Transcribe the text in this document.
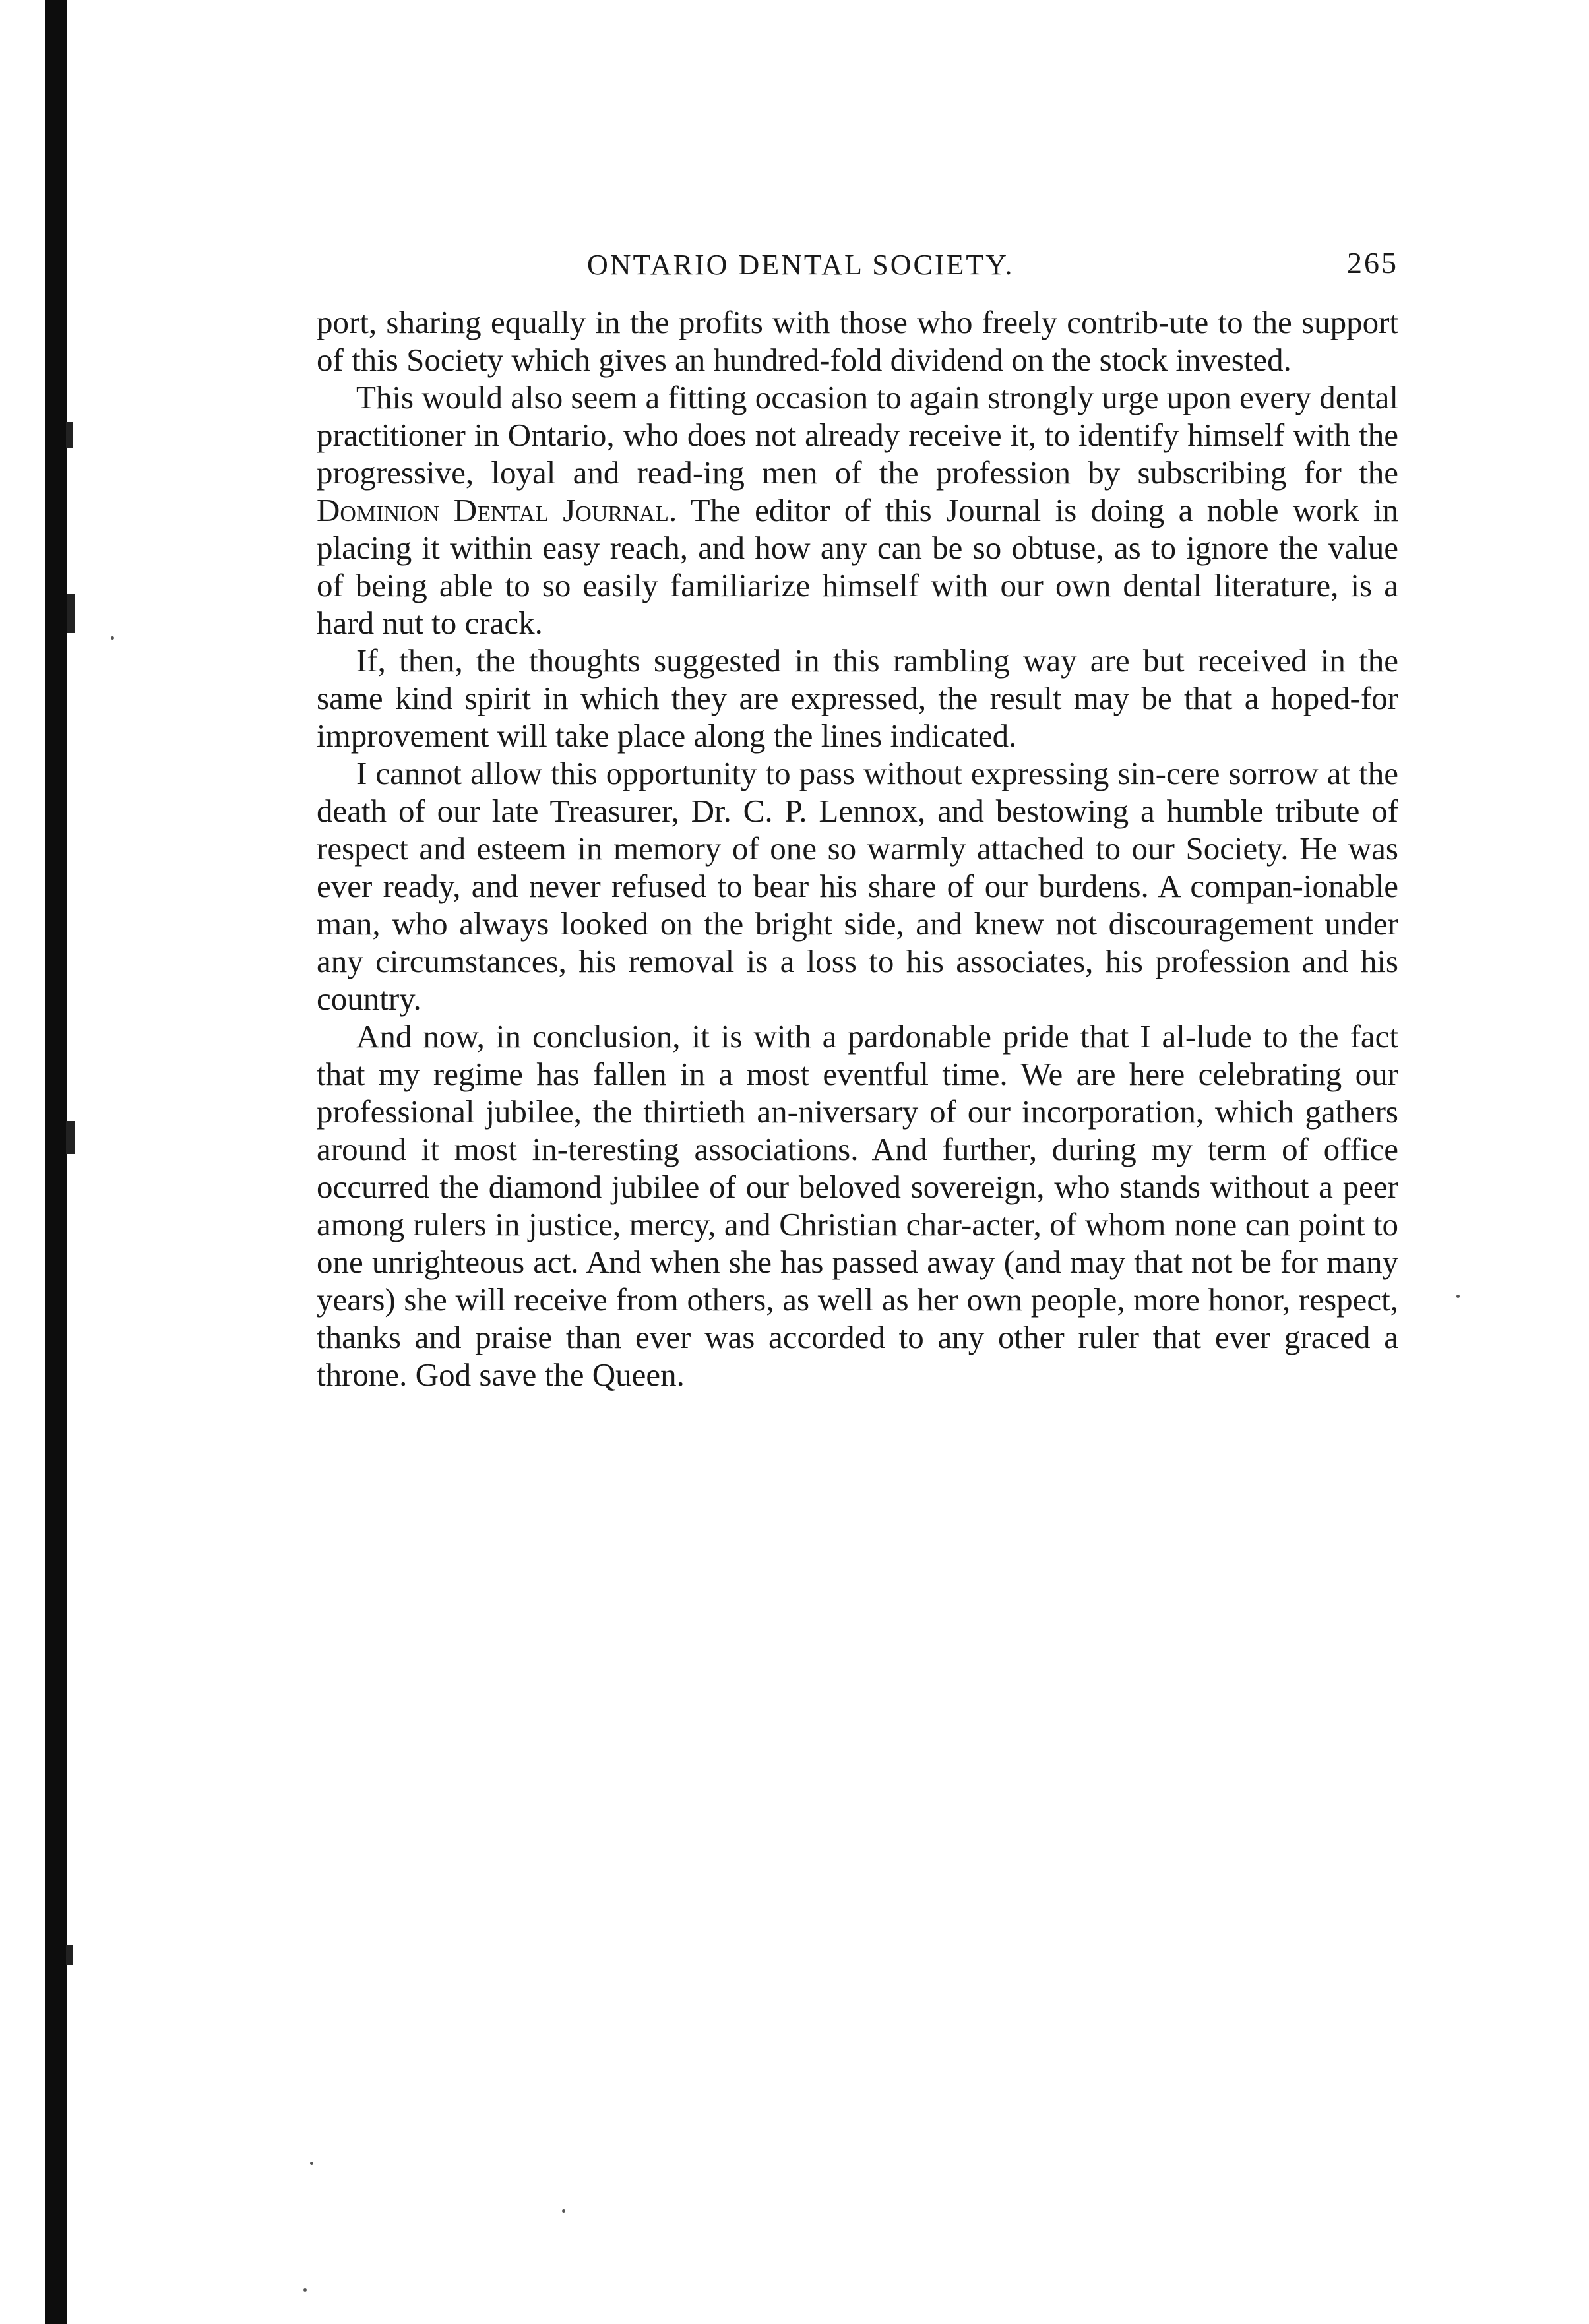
ONTARIO DENTAL SOCIETY.	265

port, sharing equally in the profits with those who freely contrib-ute to the support of this Society which gives an hundred-fold dividend on the stock invested.

This would also seem a fitting occasion to again strongly urge upon every dental practitioner in Ontario, who does not already receive it, to identify himself with the progressive, loyal and read-ing men of the profession by subscribing for the Dominion Dental Journal. The editor of this Journal is doing a noble work in placing it within easy reach, and how any can be so obtuse, as to ignore the value of being able to so easily familiarize himself with our own dental literature, is a hard nut to crack.

If, then, the thoughts suggested in this rambling way are but received in the same kind spirit in which they are expressed, the result may be that a hoped-for improvement will take place along the lines indicated.

I cannot allow this opportunity to pass without expressing sin-cere sorrow at the death of our late Treasurer, Dr. C. P. Lennox, and bestowing a humble tribute of respect and esteem in memory of one so warmly attached to our Society. He was ever ready, and never refused to bear his share of our burdens. A compan-ionable man, who always looked on the bright side, and knew not discouragement under any circumstances, his removal is a loss to his associates, his profession and his country.

And now, in conclusion, it is with a pardonable pride that I al-lude to the fact that my regime has fallen in a most eventful time. We are here celebrating our professional jubilee, the thirtieth an-niversary of our incorporation, which gathers around it most in-teresting associations. And further, during my term of office occurred the diamond jubilee of our beloved sovereign, who stands without a peer among rulers in justice, mercy, and Christian char-acter, of whom none can point to one unrighteous act. And when she has passed away (and may that not be for many years) she will receive from others, as well as her own people, more honor, respect, thanks and praise than ever was accorded to any other ruler that ever graced a throne. God save the Queen.
